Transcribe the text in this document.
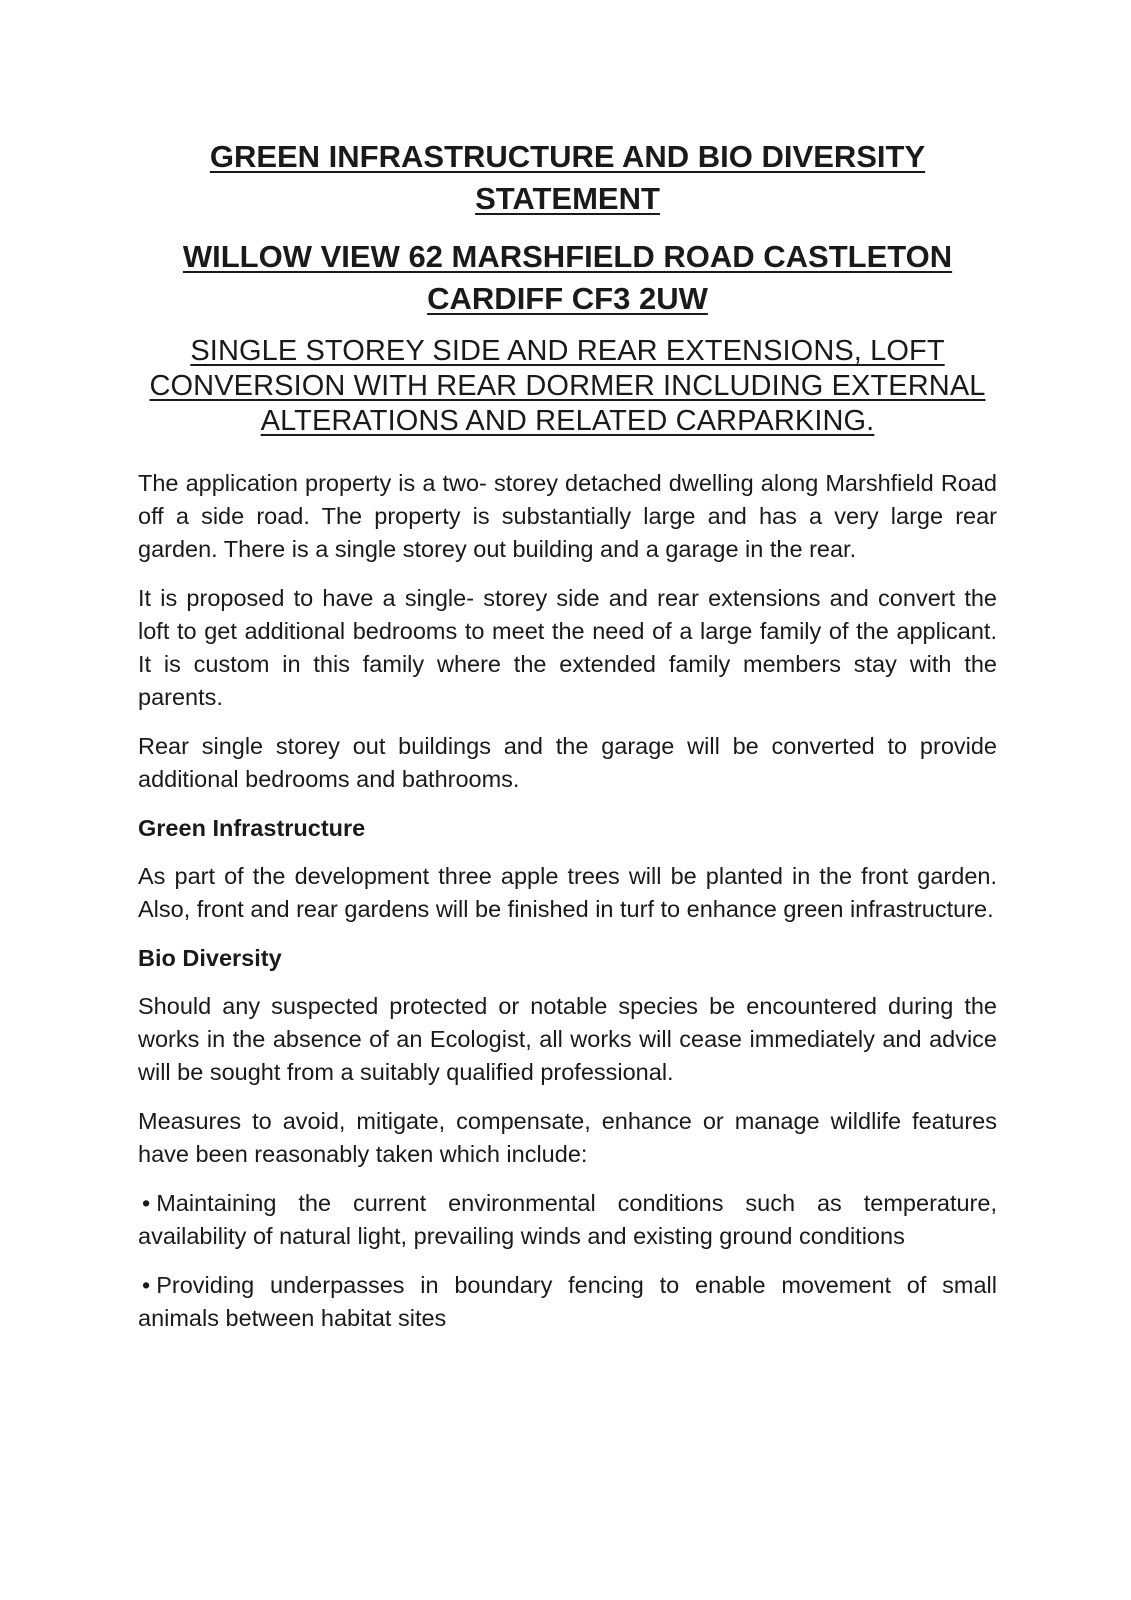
GREEN INFRASTRUCTURE AND BIO DIVERSITY STATEMENT
WILLOW VIEW 62 MARSHFIELD ROAD CASTLETON CARDIFF CF3 2UW

SINGLE STOREY SIDE AND REAR EXTENSIONS, LOFT CONVERSION WITH REAR DORMER INCLUDING EXTERNAL ALTERATIONS AND RELATED CARPARKING.

The application property is a two- storey detached dwelling along Marshfield Road off a side road. The property is substantially large and has a very large rear garden. There is a single storey out building and a garage in the rear.

It is proposed to have a single- storey side and rear extensions and convert the loft to get additional bedrooms to meet the need of a large family of the applicant. It is custom in this family where the extended family members stay with the parents.

Rear single storey out buildings and the garage will be converted to provide additional bedrooms and bathrooms.

Green Infrastructure

As part of the development three apple trees will be planted in the front garden. Also, front and rear gardens will be finished in turf to enhance green infrastructure.

Bio Diversity

Should any suspected protected or notable species be encountered during the works in the absence of an Ecologist, all works will cease immediately and advice will be sought from a suitably qualified professional.

Measures to avoid, mitigate, compensate, enhance or manage wildlife features have been reasonably taken which include:

• Maintaining the current environmental conditions such as temperature, availability of natural light, prevailing winds and existing ground conditions

• Providing underpasses in boundary fencing to enable movement of small animals between habitat sites
